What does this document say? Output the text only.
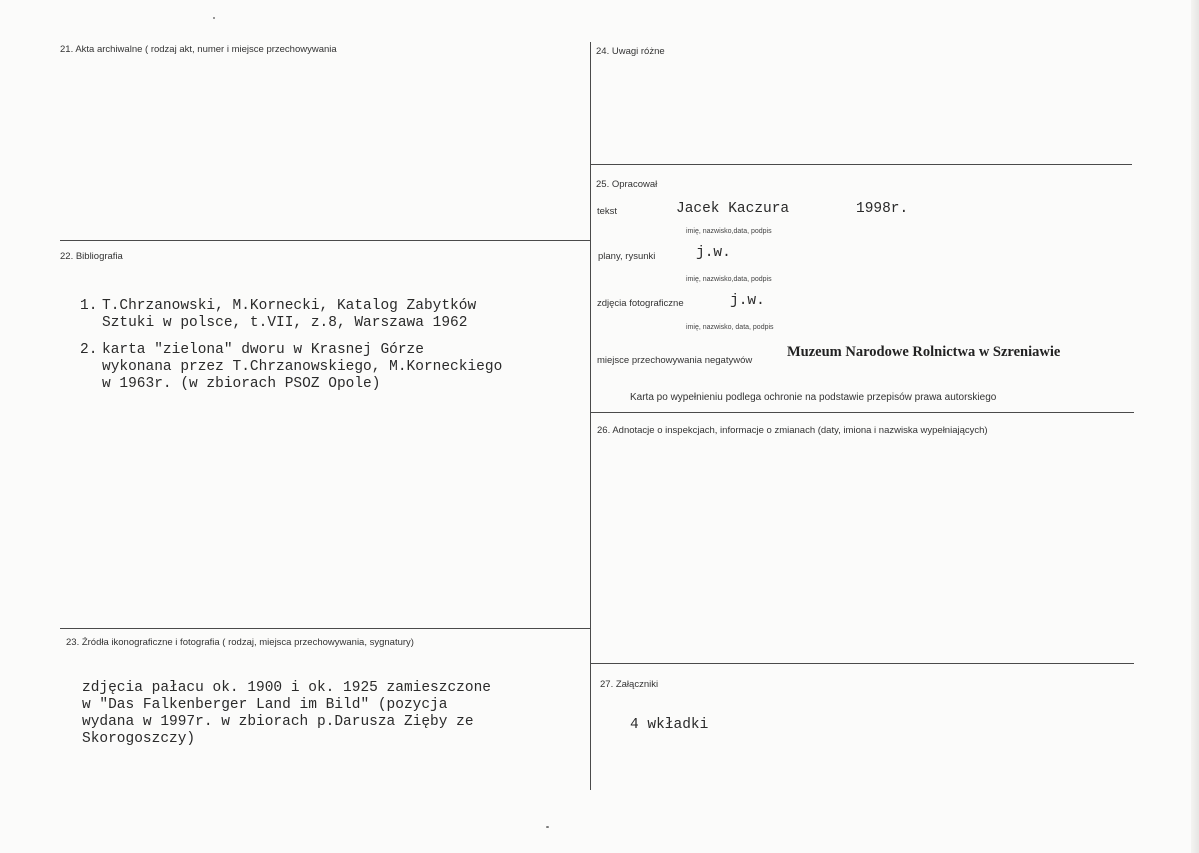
21. Akta archiwalne ( rodzaj akt, numer i miejsce przechowywania
22. Bibliografia
1. T.Chrzanowski, M.Kornecki, Katalog Zabytków
Sztuki w polsce, t.VII, z.8, Warszawa 1962
2. karta "zielona" dworu w Krasnej Górze
wykonana przez T.Chrzanowskiego, M.Korneckiego
w 1963r. (w zbiorach PSOZ Opole)
23. Źródła ikonograficzne i fotografia ( rodzaj, miejsca przechowywania, sygnatury)
zdjęcia pałacu ok. 1900 i ok. 1925 zamieszczone
w "Das Falkenberger Land im Bild" (pozycja
wydana w 1997r. w zbiorach p.Darusza Zięby ze
Skorogoszczy)
24. Uwagi różne
25. Opracował
tekst	Jacek Kaczura	1998r.
imię, nazwisko,data, podpis
plany, rysunki	j.w.
imię, nazwisko,data, podpis
zdjęcia fotograficzne	j.w.
imię, nazwisko, data, podpis
miejsce przechowywania negatywów
Muzeum Narodowe Rolnictwa w Szreniawie
Karta po wypełnieniu podlega ochronie na podstawie przepisów prawa autorskiego
26. Adnotacje o inspekcjach, informacje o zmianach (daty, imiona i nazwiska wypełniających)
27. Załączniki
4 wkładki
